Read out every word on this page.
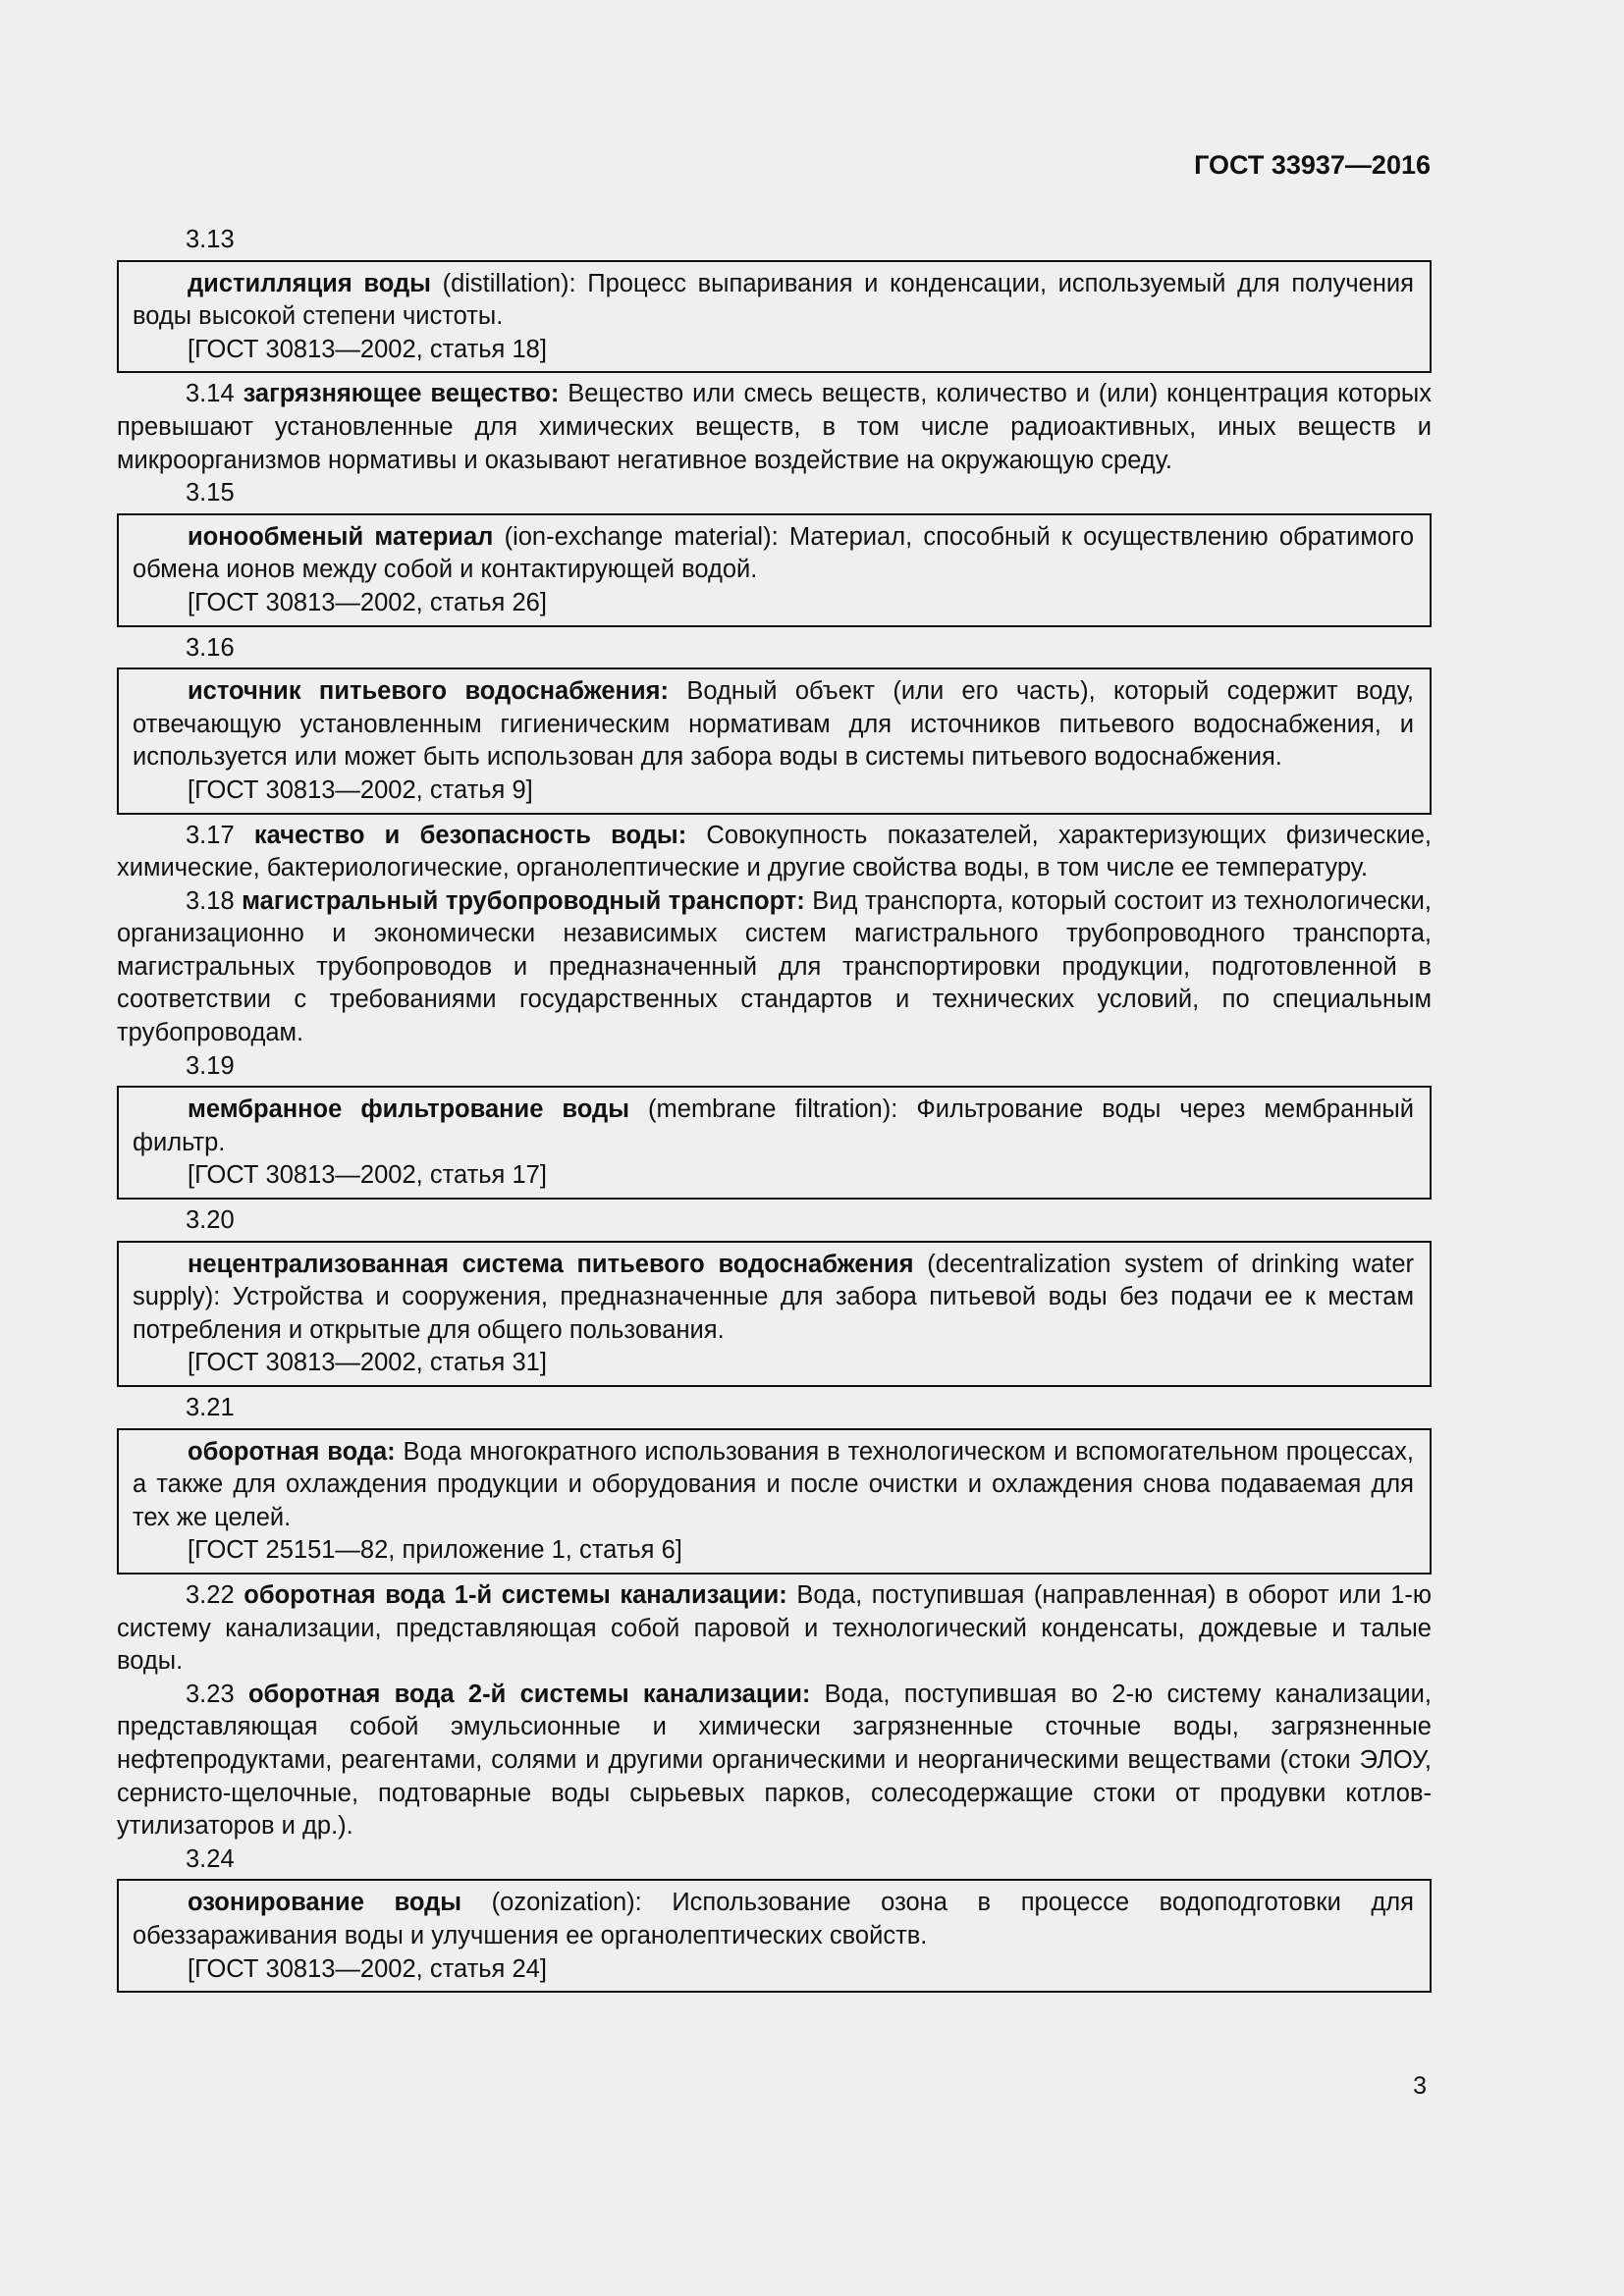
ГОСТ 33937—2016
3.13

дистилляция воды (distillation): Процесс выпаривания и конденсации, используемый для получения воды высокой степени чистоты.

[ГОСТ 30813—2002, статья 18]

3.14 загрязняющее вещество: Вещество или смесь веществ, количество и (или) концентрация которых превышают установленные для химических веществ, в том числе радиоактивных, иных веществ и микроорганизмов нормативы и оказывают негативное воздействие на окружающую среду.

3.15

ионообменый материал (ion-exchange material): Материал, способный к осуществлению обратимого обмена ионов между собой и контактирующей водой.

[ГОСТ 30813—2002, статья 26]
3.16

источник питьевого водоснабжения: Водный объект (или его часть), который содержит воду, отвечающую установленным гигиеническим нормативам для источников питьевого водоснабжения, и используется или может быть использован для забора воды в системы питьевого водоснабжения.

[ГОСТ 30813—2002, статья 9]

3.17 качество и безопасность воды: Совокупность показателей, характеризующих физические, химические, бактериологические, органолептические и другие свойства воды, в том числе ее температуру.

3.18 магистральный трубопроводный транспорт: Вид транспорта, который состоит из технологически, организационно и экономически независимых систем магистрального трубопроводного транспорта, магистральных трубопроводов и предназначенный для транспортировки продукции, подготовленной в соответствии с требованиями государственных стандартов и технических условий, по специальным трубопроводам.

3.19

мембранное фильтрование воды (membrane filtration): Фильтрование воды через мембранный фильтр.

[ГОСТ 30813—2002, статья 17]
3.20

нецентрализованная система питьевого водоснабжения (decentralization system of drinking water supply): Устройства и сооружения, предназначенные для забора питьевой воды без подачи ее к местам потребления и открытые для общего пользования.

[ГОСТ 30813—2002, статья 31]
3.21

оборотная вода: Вода многократного использования в технологическом и вспомогательном процессах, а также для охлаждения продукции и оборудования и после очистки и охлаждения снова подаваемая для тех же целей.

[ГОСТ 25151—82, приложение 1, статья 6]

3.22 оборотная вода 1-й системы канализации: Вода, поступившая (направленная) в оборот или 1-ю систему канализации, представляющая собой паровой и технологический конденсаты, дождевые и талые воды.

3.23 оборотная вода 2-й системы канализации: Вода, поступившая во 2-ю систему канализации, представляющая собой эмульсионные и химически загрязненные сточные воды, загрязненные нефтепродуктами, реагентами, солями и другими органическими и неорганическими веществами (стоки ЭЛОУ, сернисто-щелочные, подтоварные воды сырьевых парков, солесодержащие стоки от продувки котлов-утилизаторов и др.).

3.24

озонирование воды (ozonization): Использование озона в процессе водоподготовки для обеззараживания воды и улучшения ее органолептических свойств.

[ГОСТ 30813—2002, статья 24]
3
